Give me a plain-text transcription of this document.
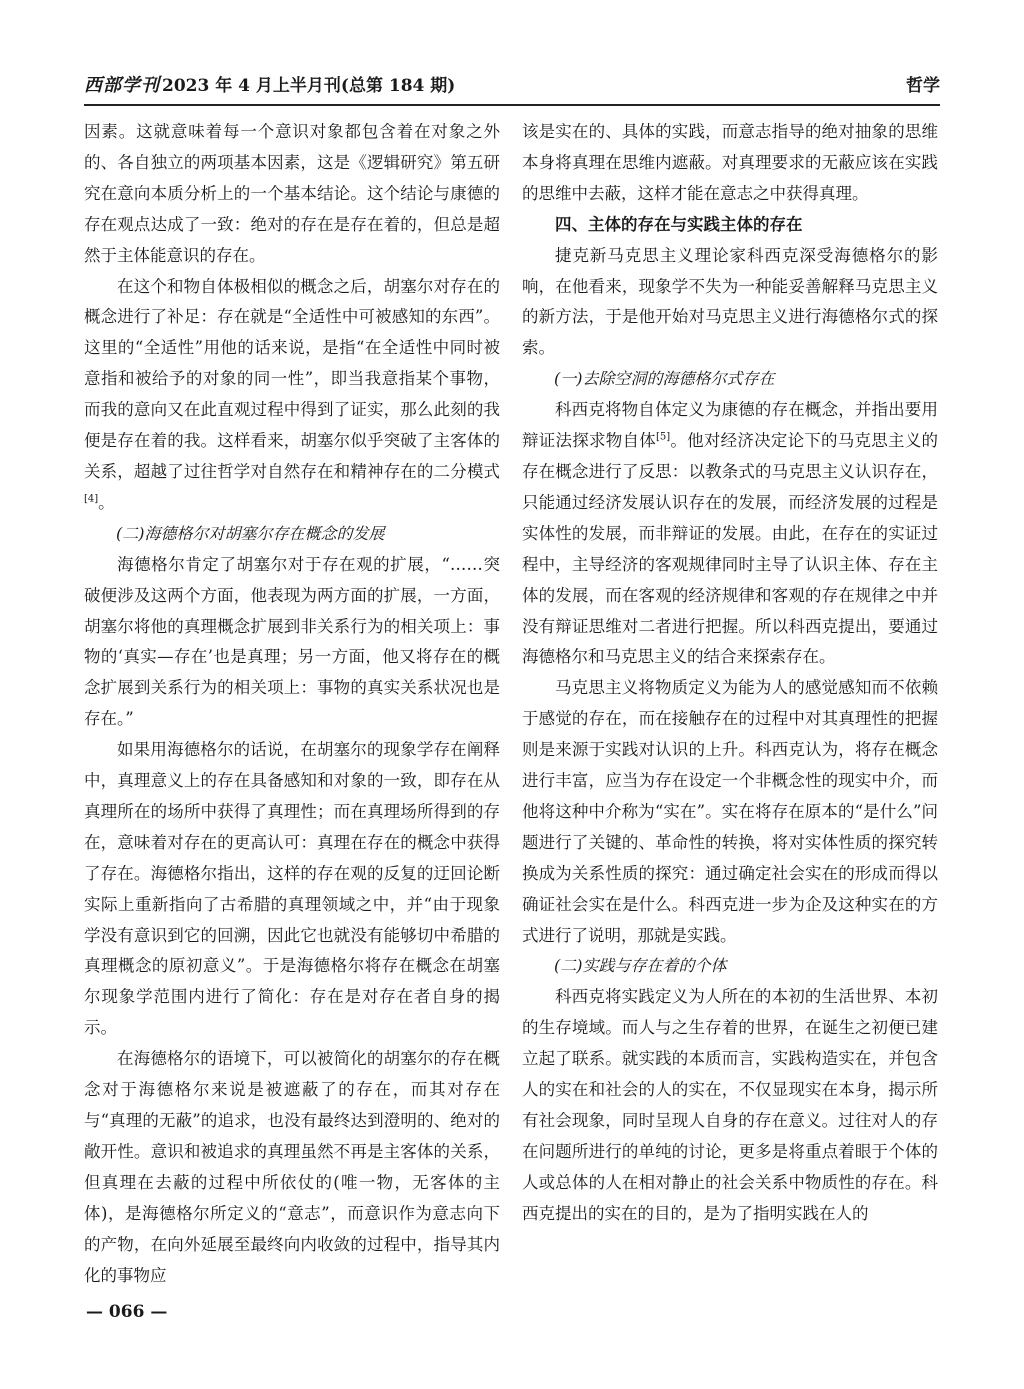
西部学刊 2023 年 4 月上半月刊(总第 184 期)	哲学

因素。这就意味着每一个意识对象都包含着在对象之外的、各自独立的两项基本因素，这是《逻辑研究》第五研究在意向本质分析上的一个基本结论。这个结论与康德的存在观点达成了一致：绝对的存在是存在着的，但总是超然于主体能意识的存在。

在这个和物自体极相似的概念之后，胡塞尔对存在的概念进行了补足：存在就是“全适性中可被感知的东西”。这里的“全适性”用他的话来说，是指“在全适性中同时被意指和被给予的对象的同一性”，即当我意指某个事物，而我的意向又在此直观过程中得到了证实，那么此刻的我便是存在着的我。这样看来，胡塞尔似乎突破了主客体的关系，超越了过往哲学对自然存在和精神存在的二分模式[4]。

(二)海德格尔对胡塞尔存在概念的发展

海德格尔肯定了胡塞尔对于存在观的扩展，“……突破便涉及这两个方面，他表现为两方面的扩展，一方面，胡塞尔将他的真理概念扩展到非关系行为的相关项上：事物的‘真实—存在’也是真理；另一方面，他又将存在的概念扩展到关系行为的相关项上：事物的真实关系状况也是存在。”

如果用海德格尔的话说，在胡塞尔的现象学存在阐释中，真理意义上的存在具备感知和对象的一致，即存在从真理所在的场所中获得了真理性；而在真理场所得到的存在，意味着对存在的更高认可：真理在存在的概念中获得了存在。海德格尔指出，这样的存在观的反复的迂回论断实际上重新指向了古希腊的真理领域之中，并“由于现象学没有意识到它的回溯，因此它也就没有能够切中希腊的真理概念的原初意义”。于是海德格尔将存在概念在胡塞尔现象学范围内进行了简化：存在是对存在者自身的揭示。

在海德格尔的语境下，可以被简化的胡塞尔的存在概念对于海德格尔来说是被遮蔽了的存在，而其对存在与“真理的无蔽”的追求，也没有最终达到澄明的、绝对的敞开性。意识和被追求的真理虽然不再是主客体的关系，但真理在去蔽的过程中所依仗的(唯一物，无客体的主体)，是海德格尔所定义的“意志”，而意识作为意志向下的产物，在向外延展至最终向内收敛的过程中，指导其内化的事物应

该是实在的、具体的实践，而意志指导的绝对抽象的思维本身将真理在思维内遮蔽。对真理要求的无蔽应该在实践的思维中去蔽，这样才能在意志之中获得真理。

四、主体的存在与实践主体的存在

捷克新马克思主义理论家科西克深受海德格尔的影响，在他看来，现象学不失为一种能妥善解释马克思主义的新方法，于是他开始对马克思主义进行海德格尔式的探索。

(一)去除空洞的海德格尔式存在

科西克将物自体定义为康德的存在概念，并指出要用辩证法探求物自体[5]。他对经济决定论下的马克思主义的存在概念进行了反思：以教条式的马克思主义认识存在，只能通过经济发展认识存在的发展，而经济发展的过程是实体性的发展，而非辩证的发展。由此，在存在的实证过程中，主导经济的客观规律同时主导了认识主体、存在主体的发展，而在客观的经济规律和客观的存在规律之中并没有辩证思维对二者进行把握。所以科西克提出，要通过海德格尔和马克思主义的结合来探索存在。

马克思主义将物质定义为能为人的感觉感知而不依赖于感觉的存在，而在接触存在的过程中对其真理性的把握则是来源于实践对认识的上升。科西克认为，将存在概念进行丰富，应当为存在设定一个非概念性的现实中介，而他将这种中介称为“实在”。实在将存在原本的“是什么”问题进行了关键的、革命性的转换，将对实体性质的探究转换成为关系性质的探究：通过确定社会实在的形成而得以确证社会实在是什么。科西克进一步为企及这种实在的方式进行了说明，那就是实践。

(二)实践与存在着的个体

科西克将实践定义为人所在的本初的生活世界、本初的生存境域。而人与之生存着的世界，在诞生之初便已建立起了联系。就实践的本质而言，实践构造实在，并包含人的实在和社会的人的实在，不仅显现实在本身，揭示所有社会现象，同时呈现人自身的存在意义。过往对人的存在问题所进行的单纯的讨论，更多是将重点着眼于个体的人或总体的人在相对静止的社会关系中物质性的存在。科西克提出的实在的目的，是为了指明实践在人的

— 066 —
